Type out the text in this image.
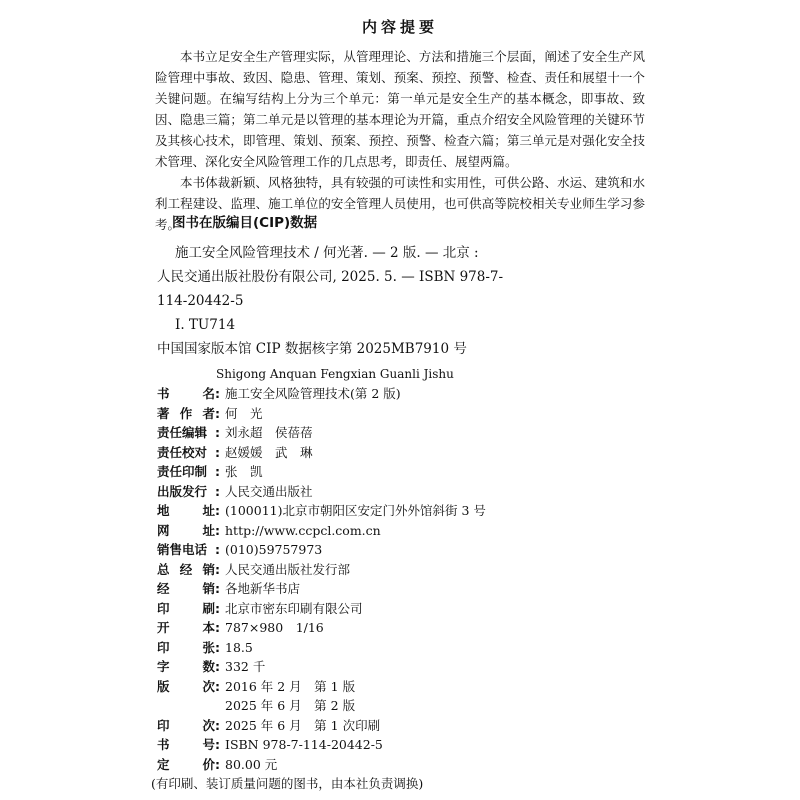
内容提要

本书立足安全生产管理实际，从管理理论、方法和措施三个层面，阐述了安全生产风险管理中事故、致因、隐患、管理、策划、预案、预控、预警、检查、责任和展望十一个关键问题。在编写结构上分为三个单元：第一单元是安全生产的基本概念，即事故、致因、隐患三篇；第二单元是以管理的基本理论为开篇，重点介绍安全风险管理的关键环节及其核心技术，即管理、策划、预案、预控、预警、检查六篇；第三单元是对强化安全技术管理、深化安全风险管理工作的几点思考，即责任、展望两篇。

本书体裁新颖、风格独特，具有较强的可读性和实用性，可供公路、水运、建筑和水利工程建设、监理、施工单位的安全管理人员使用，也可供高等院校相关专业师生学习参考。

图书在版编目(CIP)数据
施工安全风险管理技术 / 何光著. — 2 版. — 北京 :
人民交通出版社股份有限公司, 2025. 5. — ISBN 978-7-
114-20442-5
Ⅰ. TU714
中国国家版本馆 CIP 数据核字第 2025MB7910 号
Shigong Anquan Fengxian Guanli Jishu
书	名 : 施工安全风险管理技术(第 2 版)
著 作 者 : 何　光
责任编辑 : 刘永超　侯蓓蓓
责任校对 : 赵媛媛　武　琳
责任印制 : 张　凯
出版发行 : 人民交通出版社
地	址 : (100011)北京市朝阳区安定门外外馆斜街 3 号
网	址 : http://www.ccpcl.com.cn
销售电话 : (010)59757973
总 经 销 : 人民交通出版社发行部
经	销 : 各地新华书店
印	刷 : 北京市密东印刷有限公司
开	本 : 787×980　1/16
印	张 : 18.5
字	数 : 332 千
版	次 : 2016 年 2 月　第 1 版
2025 年 6 月　第 2 版
印	次 : 2025 年 6 月　第 1 次印刷
书	号 : ISBN 978-7-114-20442-5
定	价 : 80.00 元
(有印刷、装订质量问题的图书，由本社负责调换)
